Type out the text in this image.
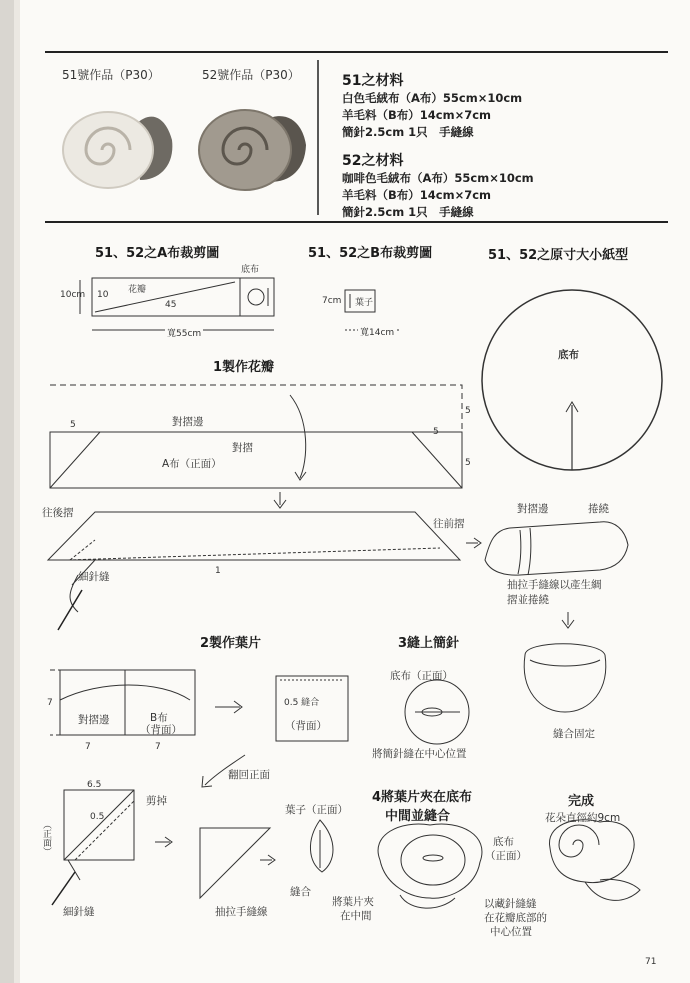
51號作品（P30）	52號作品（P30）	51之材料
白色毛絨布（A布）55cm×10cm
羊毛料（B布）14cm×7cm
簡針2.5cm 1只　手縫線
52之材料
咖啡色毛絨布（A布）55cm×10cm
羊毛料（B布）14cm×7cm
簡針2.5cm 1只　手縫線
51、52之A布裁剪圖	51、52之B布裁剪圖	51、52之原寸大小紙型
底布
花瓣
10cm 10
45
寬55cm
7cm 葉子
寬14cm
底布
1製作花瓣
對摺邊
對摺
A布（正面）
5
5
5
5
往後摺
往前摺
細針縫	1
對摺邊	捲繞
抽拉手縫線以產生綢
摺並捲繞
縫合固定
2製作葉片
7
對摺邊	B布
（背面）
7	7
0.5 縫合
（背面）
翻回正面
6.5
0.5
剪掉
（正面）
細針縫	抽拉手縫線
3縫上簡針
底布（正面）
將簡針縫在中心位置
4將葉片夾在底布
中間並縫合
葉子（正面）
縫合
將葉片夾
在中間
底布
（正面）
以藏針縫縫
在花瓣底部的
中心位置
完成
花朵直徑約9cm
71
